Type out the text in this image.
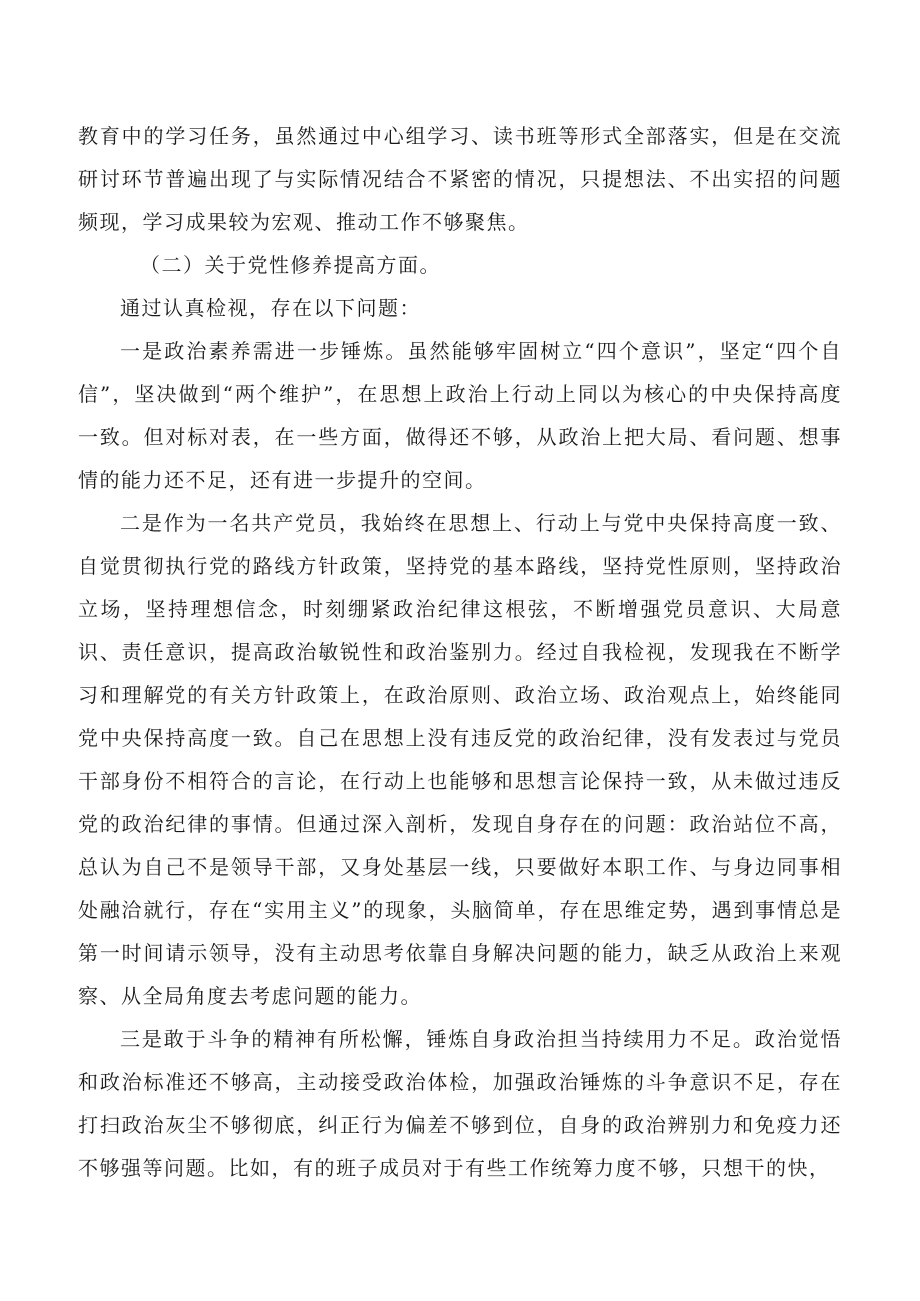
教育中的学习任务，虽然通过中心组学习、读书班等形式全部落实，但是在交流研讨环节普遍出现了与实际情况结合不紧密的情况，只提想法、不出实招的问题频现，学习成果较为宏观、推动工作不够聚焦。

（二）关于党性修养提高方面。

通过认真检视，存在以下问题：

一是政治素养需进一步锤炼。虽然能够牢固树立“四个意识”，坚定“四个自信”，坚决做到“两个维护”，在思想上政治上行动上同以为核心的中央保持高度一致。但对标对表，在一些方面，做得还不够，从政治上把大局、看问题、想事情的能力还不足，还有进一步提升的空间。

二是作为一名共产党员，我始终在思想上、行动上与党中央保持高度一致、自觉贯彻执行党的路线方针政策，坚持党的基本路线，坚持党性原则，坚持政治立场，坚持理想信念，时刻绷紧政治纪律这根弦，不断增强党员意识、大局意识、责任意识，提高政治敏锐性和政治鉴别力。经过自我检视，发现我在不断学习和理解党的有关方针政策上，在政治原则、政治立场、政治观点上，始终能同党中央保持高度一致。自己在思想上没有违反党的政治纪律，没有发表过与党员干部身份不相符合的言论，在行动上也能够和思想言论保持一致，从未做过违反党的政治纪律的事情。但通过深入剖析，发现自身存在的问题：政治站位不高，总认为自己不是领导干部，又身处基层一线，只要做好本职工作、与身边同事相处融洽就行，存在“实用主义”的现象，头脑简单，存在思维定势，遇到事情总是第一时间请示领导，没有主动思考依靠自身解决问题的能力，缺乏从政治上来观察、从全局角度去考虑问题的能力。

三是敢于斗争的精神有所松懈，锤炼自身政治担当持续用力不足。政治觉悟和政治标准还不够高，主动接受政治体检，加强政治锤炼的斗争意识不足，存在打扫政治灰尘不够彻底，纠正行为偏差不够到位，自身的政治辨别力和免疫力还不够强等问题。比如，有的班子成员对于有些工作统筹力度不够，只想干的快，
